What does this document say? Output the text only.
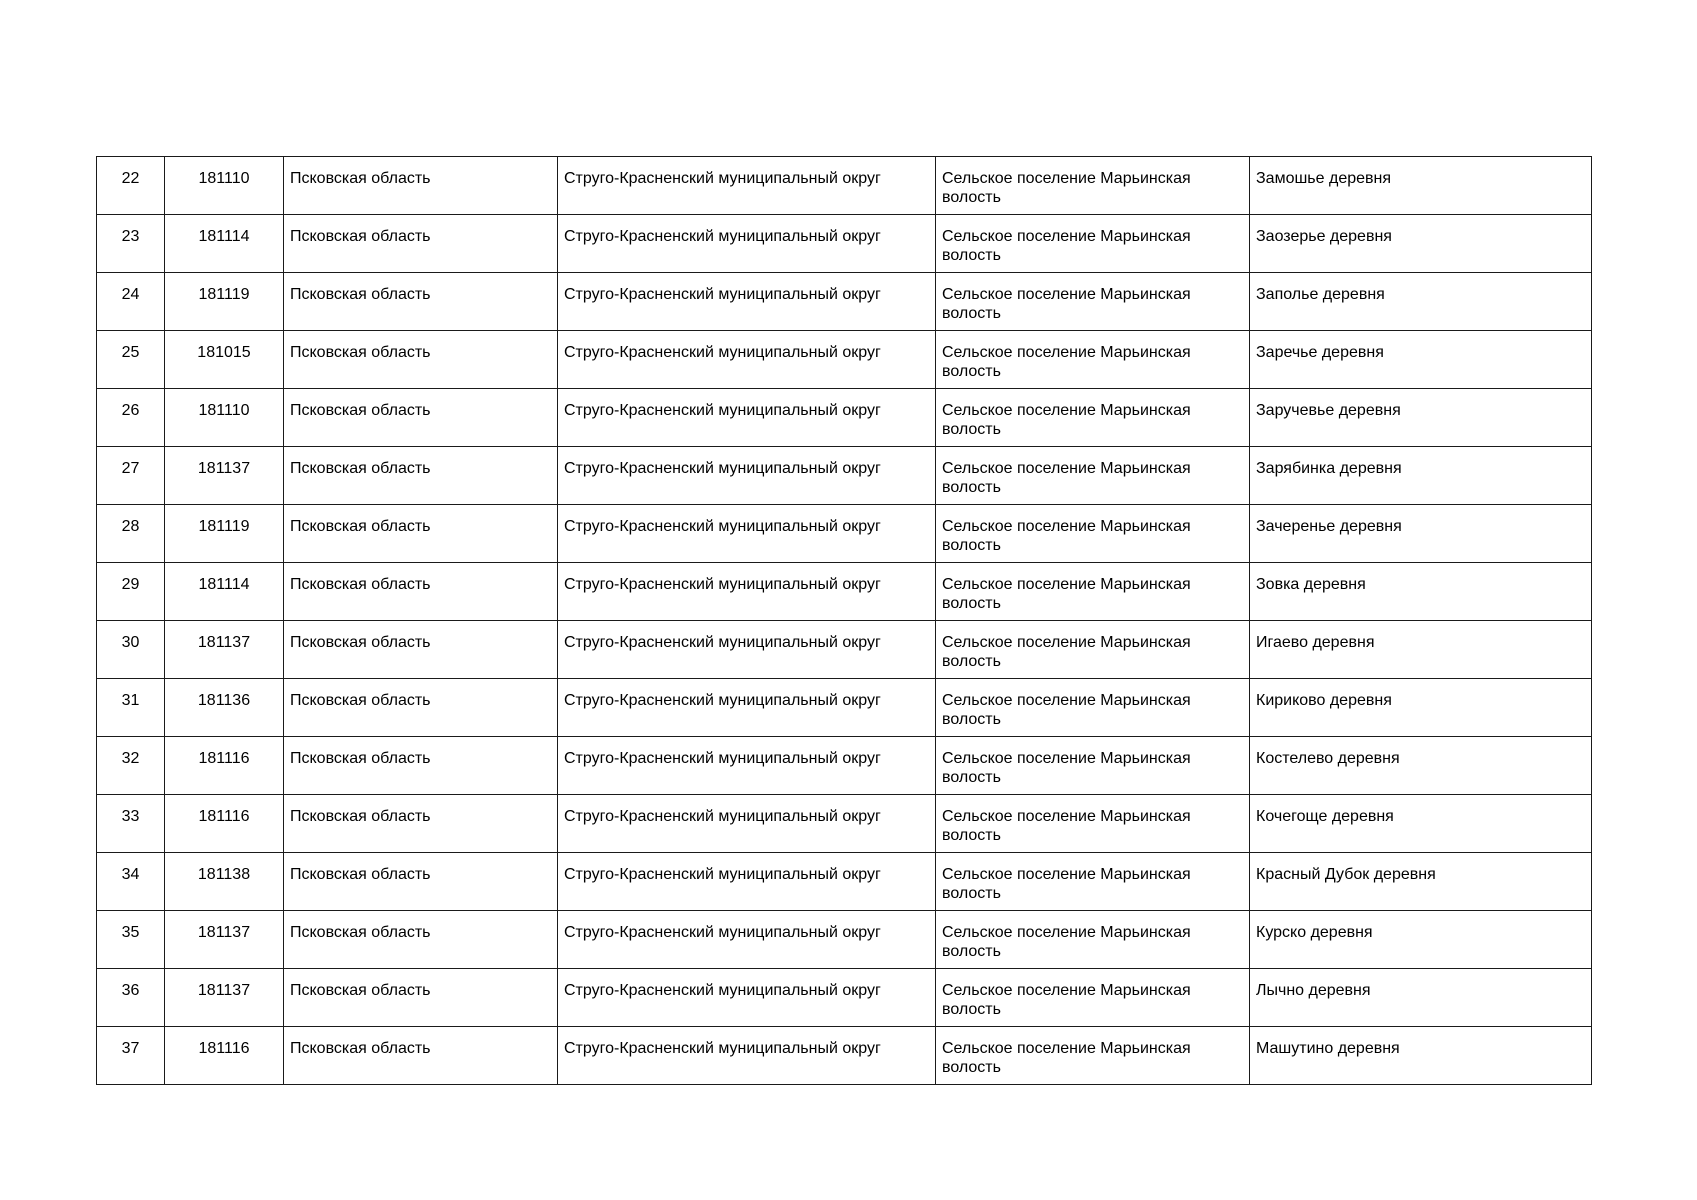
22	181110	Псковская область	Струго-Красненский муниципальный округ	Сельское поселение Марьинская волость	Замошье деревня
23	181114	Псковская область	Струго-Красненский муниципальный округ	Сельское поселение Марьинская волость	Заозерье деревня
24	181119	Псковская область	Струго-Красненский муниципальный округ	Сельское поселение Марьинская волость	Заполье деревня
25	181015	Псковская область	Струго-Красненский муниципальный округ	Сельское поселение Марьинская волость	Заречье деревня
26	181110	Псковская область	Струго-Красненский муниципальный округ	Сельское поселение Марьинская волость	Заручевье деревня
27	181137	Псковская область	Струго-Красненский муниципальный округ	Сельское поселение Марьинская волость	Зарябинка деревня
28	181119	Псковская область	Струго-Красненский муниципальный округ	Сельское поселение Марьинская волость	Зачеренье деревня
29	181114	Псковская область	Струго-Красненский муниципальный округ	Сельское поселение Марьинская волость	Зовка деревня
30	181137	Псковская область	Струго-Красненский муниципальный округ	Сельское поселение Марьинская волость	Игаево деревня
31	181136	Псковская область	Струго-Красненский муниципальный округ	Сельское поселение Марьинская волость	Кириково деревня
32	181116	Псковская область	Струго-Красненский муниципальный округ	Сельское поселение Марьинская волость	Костелево деревня
33	181116	Псковская область	Струго-Красненский муниципальный округ	Сельское поселение Марьинская волость	Кочегоще деревня
34	181138	Псковская область	Струго-Красненский муниципальный округ	Сельское поселение Марьинская волость	Красный Дубок деревня
35	181137	Псковская область	Струго-Красненский муниципальный округ	Сельское поселение Марьинская волость	Курско деревня
36	181137	Псковская область	Струго-Красненский муниципальный округ	Сельское поселение Марьинская волость	Лычно деревня
37	181116	Псковская область	Струго-Красненский муниципальный округ	Сельское поселение Марьинская волость	Машутино деревня
